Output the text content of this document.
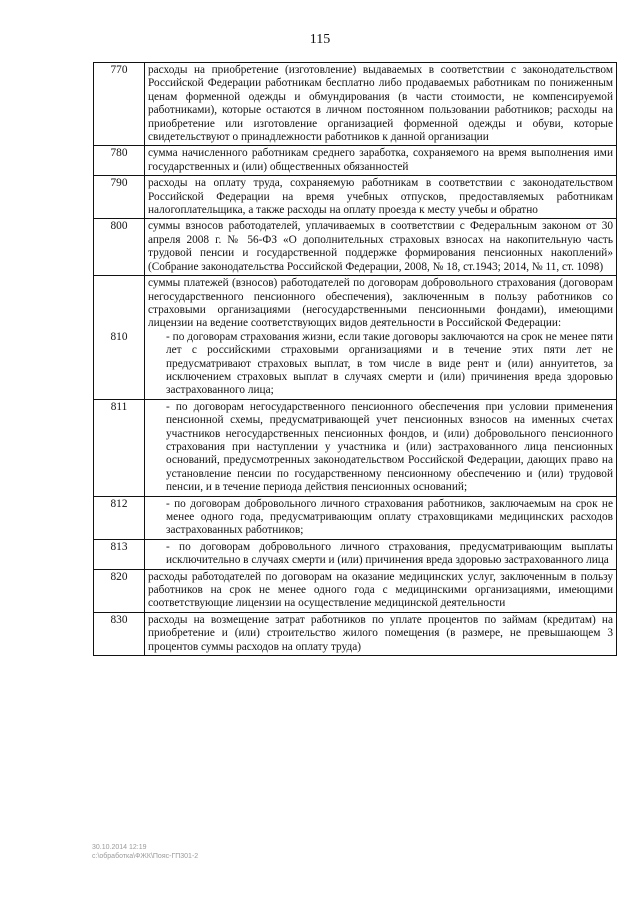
115
770	расходы на приобретение (изготовление) выдаваемых в соответствии с законодательством Российской Федерации работникам бесплатно либо продаваемых работникам по пониженным ценам форменной одежды и обмундирования (в части стоимости, не компенсируемой работниками), которые остаются в личном постоянном пользовании работников; расходы на приобретение или изготовление организацией форменной одежды и обуви, которые свидетельствуют о принадлежности работников к данной организации
780	сумма начисленного работникам среднего заработка, сохраняемого на время выполнения ими государственных и (или) общественных обязанностей
790	расходы на оплату труда, сохраняемую работникам в соответствии с законодательством Российской Федерации на время учебных отпусков, предоставляемых работникам налогоплательщика, а также расходы на оплату проезда к месту учебы и обратно
800	суммы взносов работодателей, уплачиваемых в соответствии с Федеральным законом от 30 апреля 2008 г. № 56-ФЗ «О дополнительных страховых взносах на накопительную часть трудовой пенсии и государственной поддержке формирования пенсионных накоплений» (Собрание законодательства Российской Федерации, 2008, № 18, ст.1943; 2014, № 11, ст. 1098)
810	суммы платежей (взносов) работодателей по договорам добровольного страхования (договорам негосударственного пенсионного обеспечения), заключенным в пользу работников со страховыми организациями (негосударственными пенсионными фондами), имеющими лицензии на ведение соответствующих видов деятельности в Российской Федерации:

- по договорам страхования жизни, если такие договоры заключаются на срок не менее пяти лет с российскими страховыми организациями и в течение этих пяти лет не предусматривают страховых выплат, в том числе в виде рент и (или) аннуитетов, за исключением страховых выплат в случаях смерти и (или) причинения вреда здоровью застрахованного лица;

811	- по договорам негосударственного пенсионного обеспечения при условии применения пенсионной схемы, предусматривающей учет пенсионных взносов на именных счетах участников негосударственных пенсионных фондов, и (или) добровольного пенсионного страхования при наступлении у участника и (или) застрахованного лица пенсионных оснований, предусмотренных законодательством Российской Федерации, дающих право на установление пенсии по государственному пенсионному обеспечению и (или) трудовой пенсии, и в течение периода действия пенсионных оснований;

812	- по договорам добровольного личного страхования работников, заключаемым на срок не менее одного года, предусматривающим оплату страховщиками медицинских расходов застрахованных работников;

813	- по договорам добровольного личного страхования, предусматривающим выплаты исключительно в случаях смерти и (или) причинения вреда здоровью застрахованного лица

820	расходы работодателей по договорам на оказание медицинских услуг, заключенным в пользу работников на срок не менее одного года с медицинскими организациями, имеющими соответствующие лицензии на осуществление медицинской деятельности
830	расходы на возмещение затрат работников по уплате процентов по займам (кредитам) на приобретение и (или) строительство жилого помещения (в размере, не превышающем 3 процентов суммы расходов на оплату труда)
30.10.2014 12:19
с:\обработка\ФЖК\Пояс-ГП301-2
